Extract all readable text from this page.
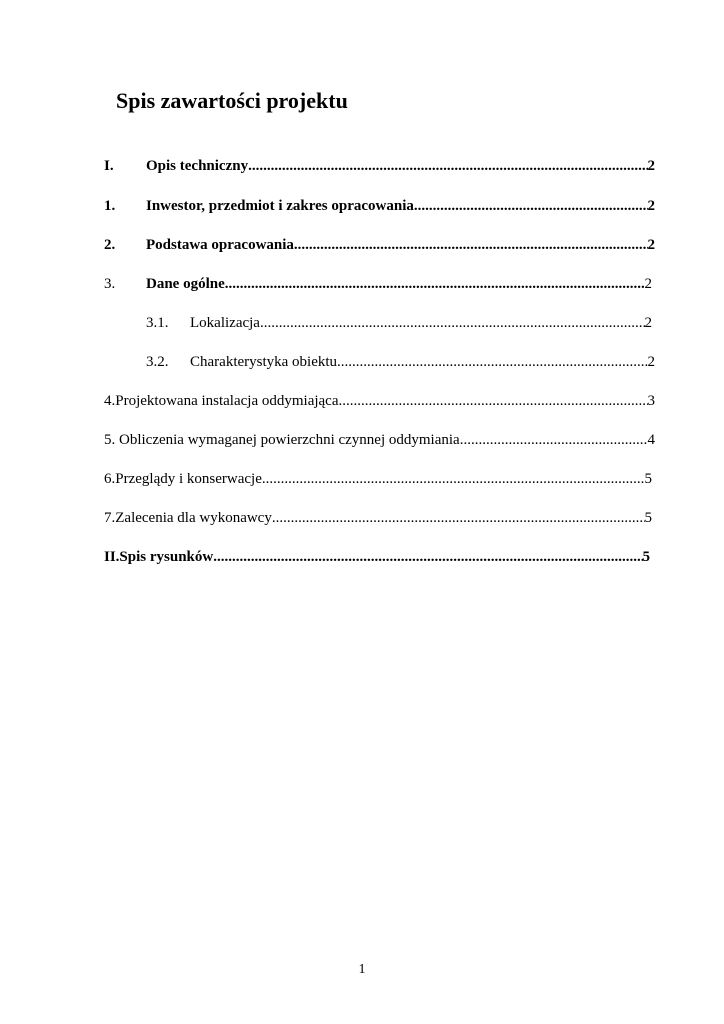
Spis zawartości projektu
I.	Opis techniczny .....	2
1.	Inwestor, przedmiot i zakres opracowania .....	2
2.	Podstawa opracowania .....	2
3.	Dane ogólne .....	2
3.1.	Lokalizacja .....	2
3.2.	Charakterystyka obiektu .....	2
4.Projektowana instalacja oddymiająca .....	3
5. Obliczenia wymaganej powierzchni czynnej oddymiania .....	4
6.Przeglądy i konserwacje .....	5
7.Zalecenia dla wykonawcy .....	5
II.Spis rysunków .....	5
1
